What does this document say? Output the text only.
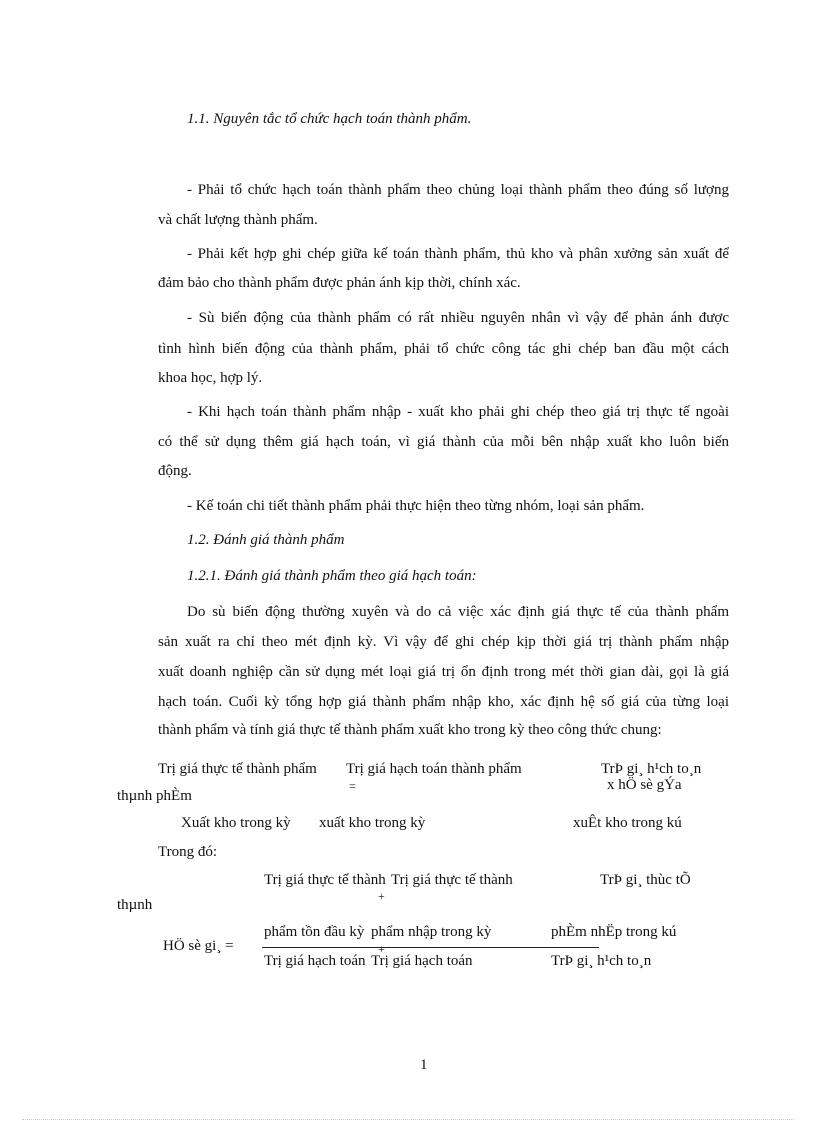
1.1. Nguyên tắc tổ chức hạch toán thành phẩm.
- Phải tổ chức hạch toán thành phẩm theo chủng loại thành phẩm theo đúng số lượng
và chất lượng thành phẩm.
- Phải kết hợp ghi chép giữa kế toán thành phẩm, thủ kho và phân xưởng sản xuất để
đảm bảo cho thành phẩm được phản ánh kịp thời, chính xác.
- Sù biến động của thành phẩm có rất nhiều nguyên nhân vì vậy để phản ánh được
tình hình biến động của thành phẩm, phải tổ chức công tác ghi chép ban đầu một cách
khoa học, hợp lý.
- Khi hạch toán thành phẩm nhập - xuất kho phải ghi chép theo giá trị thực tế ngoài
có thể sử dụng thêm giá hạch toán, vì giá thành của mỗi bên nhập xuất kho luôn biến
động.
- Kế toán chi tiết thành phẩm phải thực hiện theo từng nhóm, loại sản phẩm.
1.2. Đánh giá thành phẩm
1.2.1. Đánh giá thành phẩm theo giá hạch toán:
Do sù biến động thường xuyên và do cả việc xác định giá thực tế của thành phẩm
sản xuất ra chỉ theo mét định kỳ. Vì vậy để ghi chép kịp thời giá trị thành phẩm nhập
xuất doanh nghiệp cần sử dụng mét loại giá trị ổn định trong mét thời gian dài, gọi là giá
hạch toán. Cuối kỳ tổng hợp giá thành phẩm nhập kho, xác định hệ số giá của từng loại
thành phẩm và tính giá thực tế thành phẩm xuất kho trong kỳ theo công thức chung:
Trị giá thực tế thành phẩm Trị giá hạch toán thành phẩm
=
TrÞ gi¸ h¹ch to¸n
x hÖ sè gÝa
thµnh phÈm
Xuất kho trong kỳ xuất kho trong kỳ	xuÊt kho trong kú
Trong đó:
Trị giá thực tế thành Trị giá thực tế thành
+
TrÞ gi¸ thùc tÕ
thµnh
HÖ sè gi¸ =
phẩm tồn đầu kỳ phẩm nhập trong kỳ	phÈm nhËp trong kú
+
Trị giá hạch toán Trị giá hạch toán	TrÞ gi¸ h¹ch to¸n
1
